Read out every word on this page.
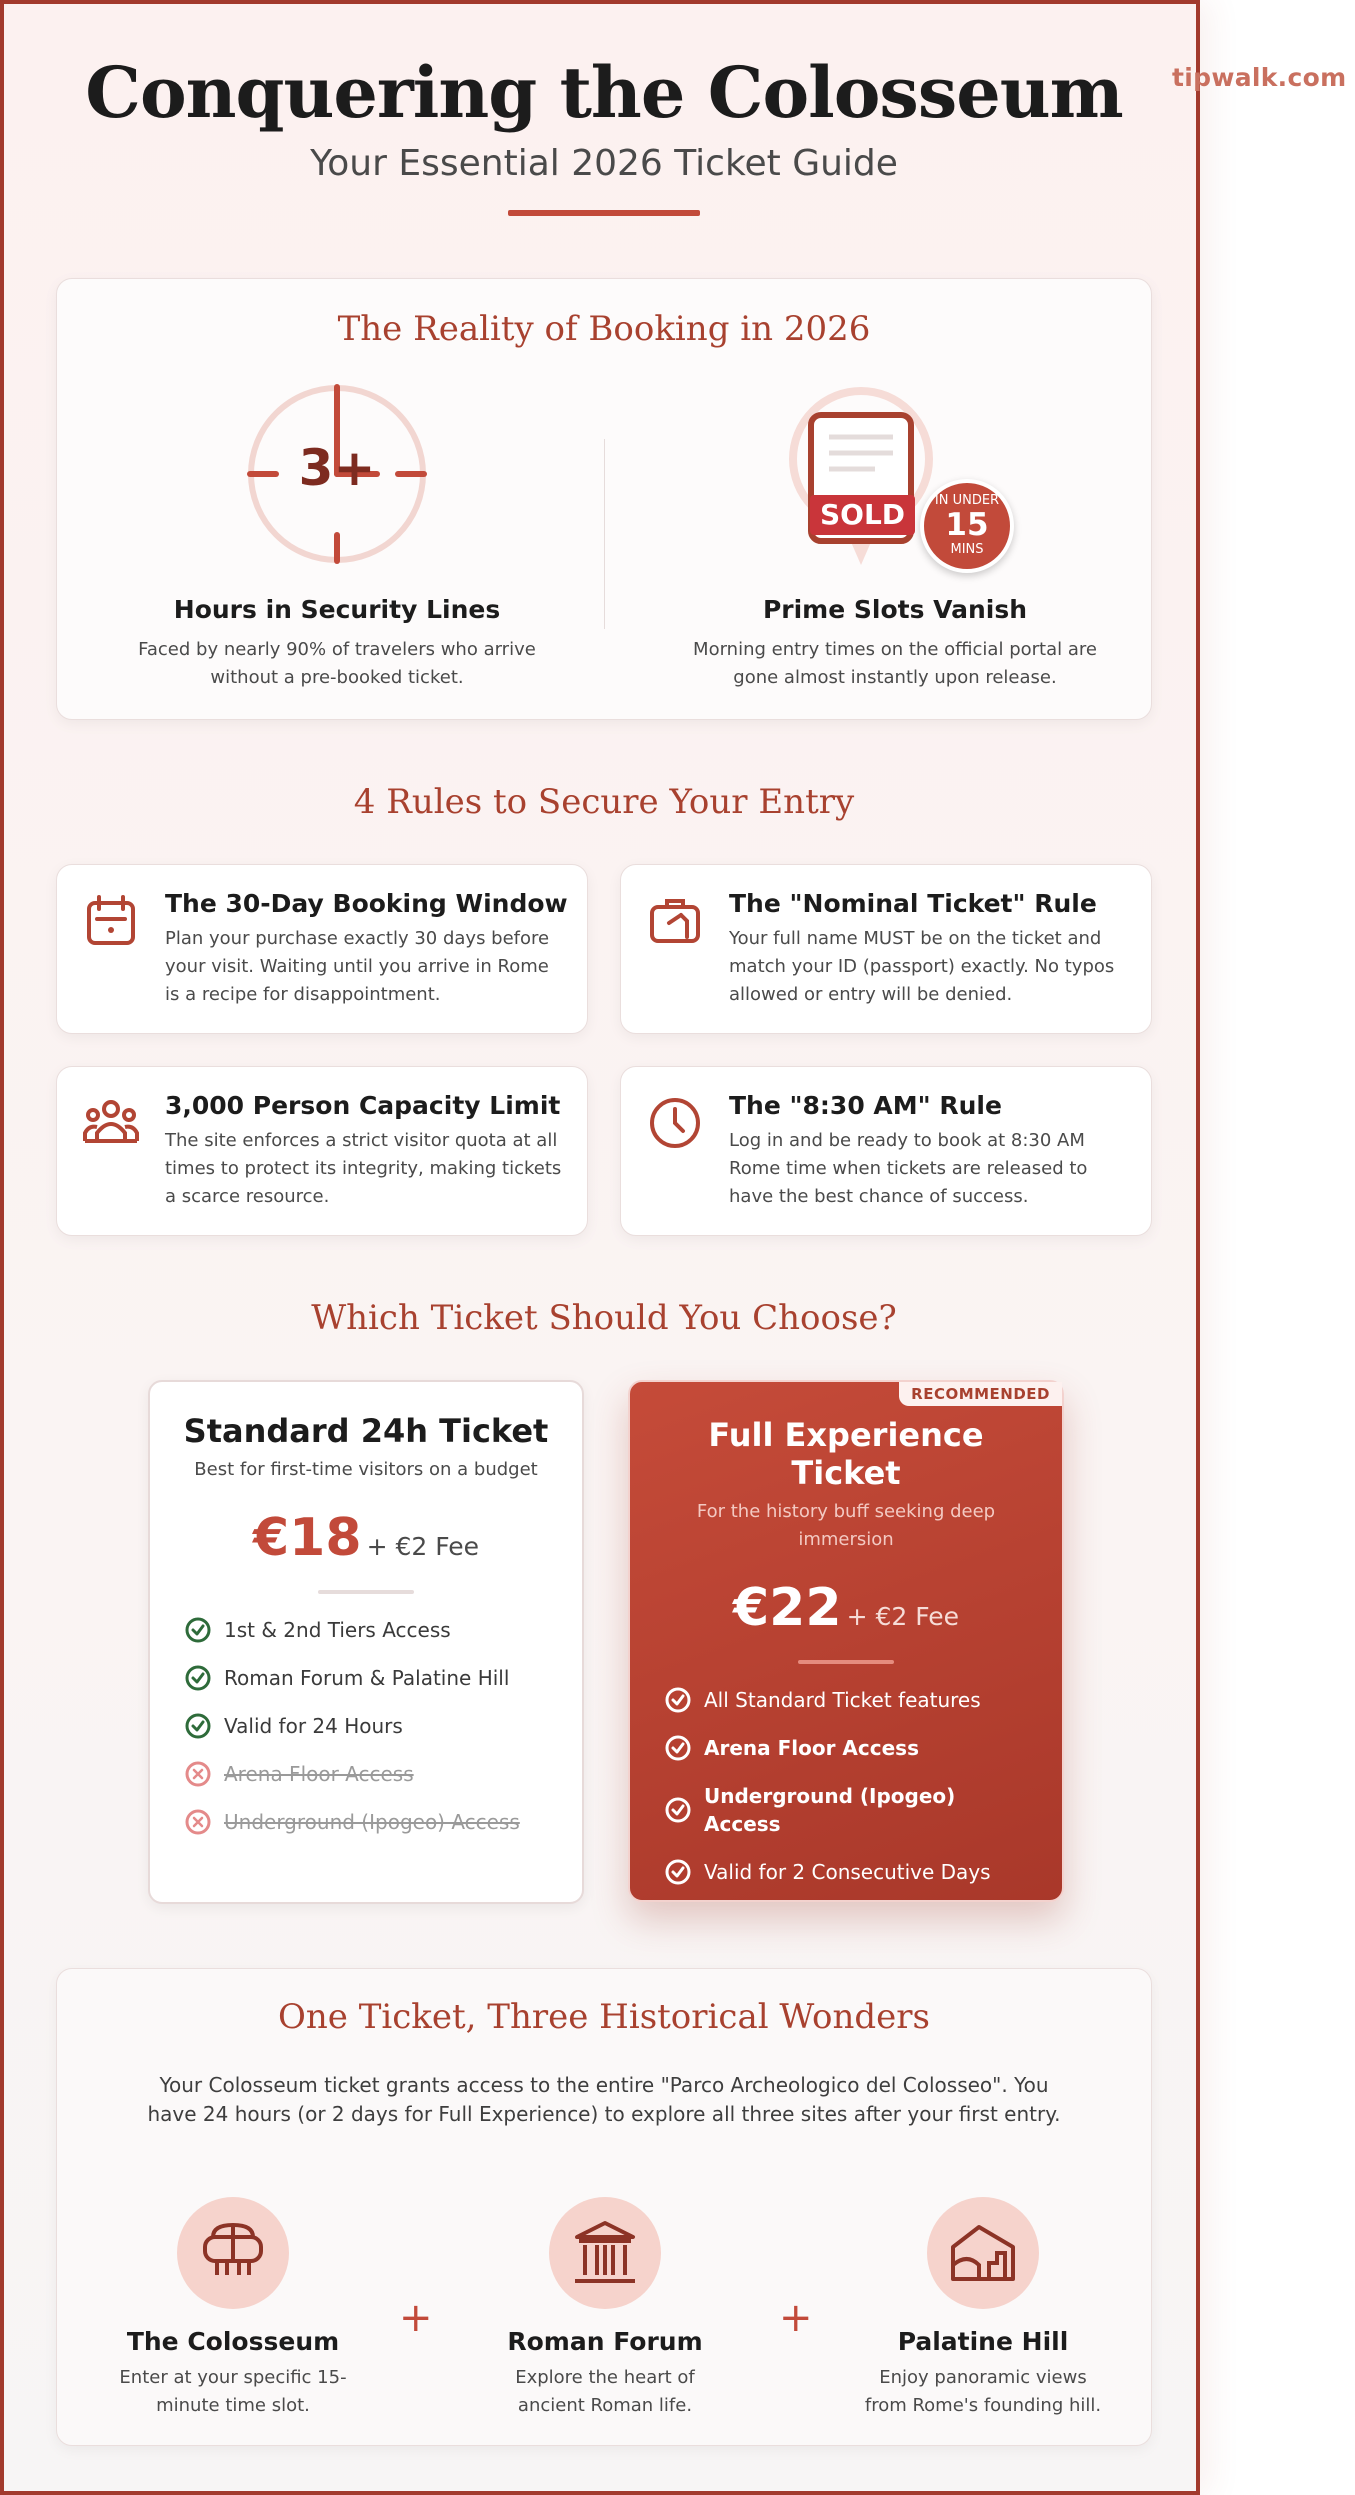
Conquering the Colosseum
Your Essential 2026 Ticket Guide
The Reality of Booking in 2026
3+
Hours in Security Lines

Faced by nearly 90% of travelers who arrive without a pre-booked ticket.

SOLD	IN UNDER
15
MINS
Prime Slots Vanish

Morning entry times on the official portal are gone almost instantly upon release.

4 Rules to Secure Your Entry
The 30-Day Booking Window

Plan your purchase exactly 30 days before your visit. Waiting until you arrive in Rome is a recipe for disappointment.

The "Nominal Ticket" Rule

Your full name MUST be on the ticket and match your ID (passport) exactly. No typos allowed or entry will be denied.

3,000 Person Capacity Limit

The site enforces a strict visitor quota at all times to protect its integrity, making tickets a scarce resource.

The "8:30 AM" Rule

Log in and be ready to book at 8:30 AM Rome time when tickets are released to have the best chance of success.

Which Ticket Should You Choose?
Standard 24h Ticket
Best for first-time visitors on a budget
€18 + €2 Fee
1st & 2nd Tiers Access
Roman Forum & Palatine Hill
Valid for 24 Hours
Arena Floor Access
Underground (Ipogeo) Access
RECOMMENDED
Full Experience Ticket
For the history buff seeking deep immersion
€22 + €2 Fee
All Standard Ticket features
Arena Floor Access
Underground (Ipogeo) Access
Valid for 2 Consecutive Days
One Ticket, Three Historical Wonders
Your Colosseum ticket grants access to the entire "Parco Archeologico del Colosseo". You have 24 hours (or 2 days for Full Experience) to explore all three sites after your first entry.
The Colosseum

Enter at your specific 15-minute time slot.

+
Roman Forum

Explore the heart of ancient Roman life.

+
Palatine Hill

Enjoy panoramic views from Rome's founding hill.

tipwalk.com
